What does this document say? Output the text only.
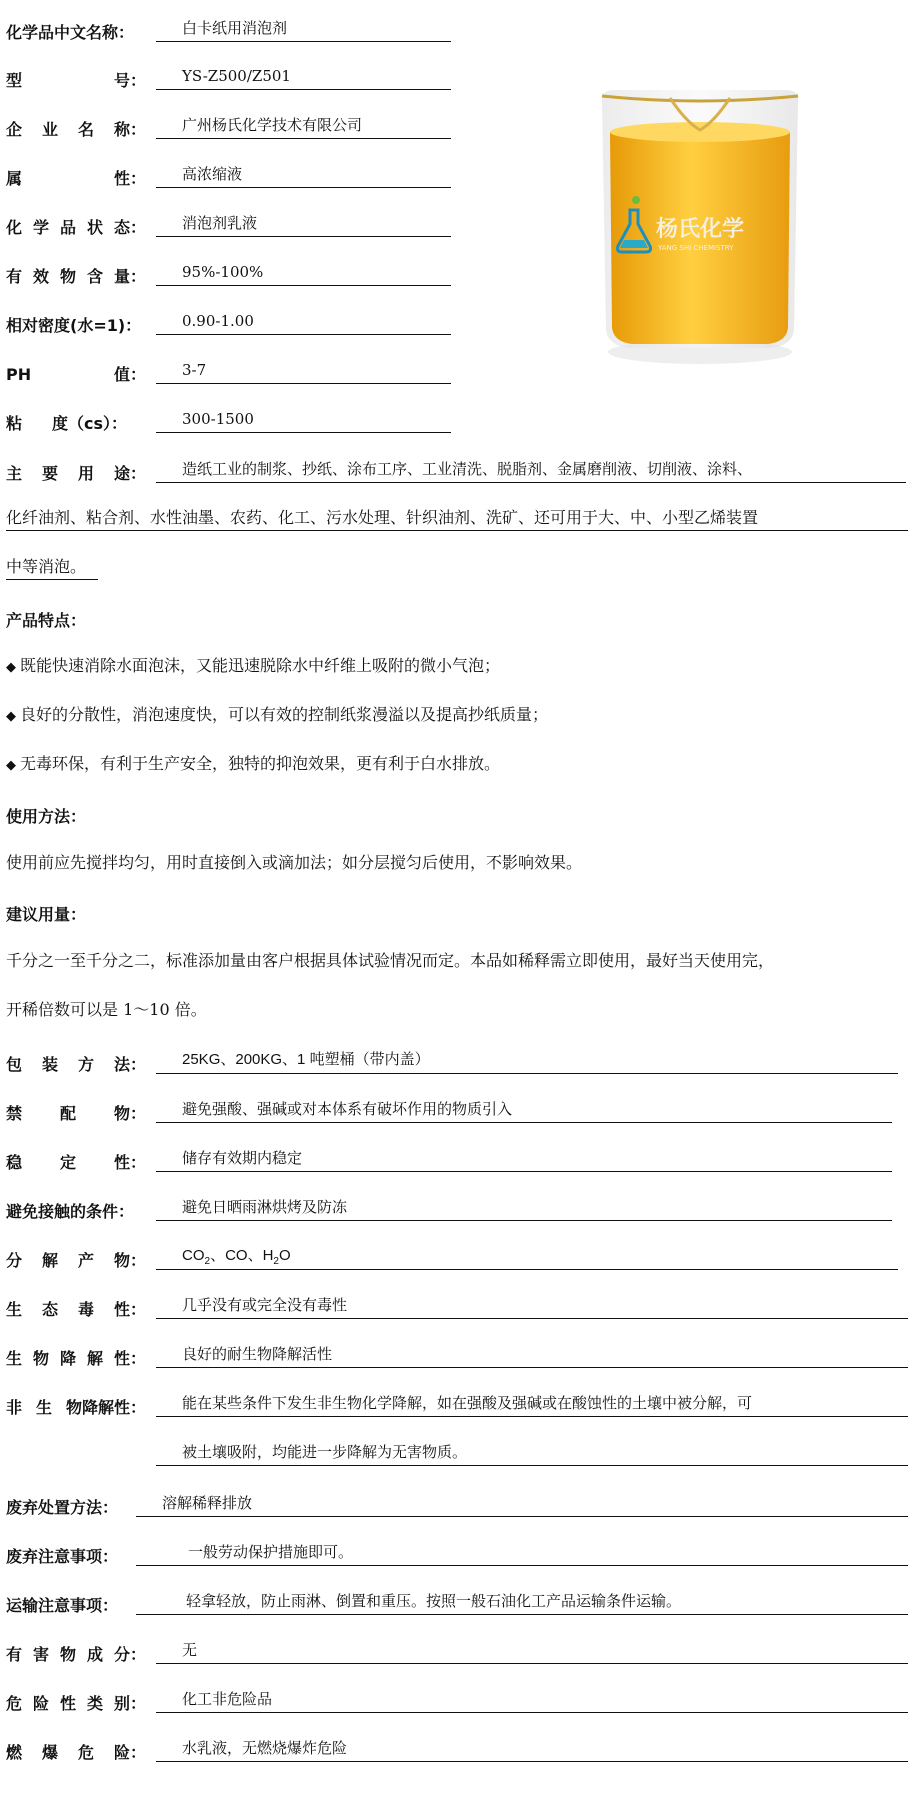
化学品中文名称：	白卡纸用消泡剂
型	号：	YS-Z500/Z501
企 业 名 称：	广州杨氏化学技术有限公司
属	性：	高浓缩液
化 学 品 状 态：	消泡剂乳液
有 效 物 含 量：	95%-100%
相对密度(水=1)：	0.90-1.00
PH	值：	3-7
粘 度（cs）：	300-1500
主 要 用 途：	造纸工业的制浆、抄纸、涂布工序、工业清洗、脱脂剂、金属磨削液、切削液、涂料、
化纤油剂、粘合剂、水性油墨、农药、化工、污水处理、针织油剂、洗矿、还可用于大、中、小型乙烯装置
中等消泡。
杨氏化学
YANG SHI CHEMISTRY
产品特点：
◆ 既能快速消除水面泡沫，又能迅速脱除水中纤维上吸附的微小气泡；
◆ 良好的分散性，消泡速度快，可以有效的控制纸浆漫溢以及提高抄纸质量；
◆ 无毒环保，有利于生产安全，独特的抑泡效果，更有利于白水排放。
使用方法：
使用前应先搅拌均匀，用时直接倒入或滴加法；如分层搅匀后使用，不影响效果。
建议用量：
千分之一至千分之二，标准添加量由客户根据具体试验情况而定。本品如稀释需立即使用，最好当天使用完，
开稀倍数可以是 1～10 倍。
包 装 方 法：	25KG、200KG、1 吨塑桶（带内盖）
禁 配 物：	避免强酸、强碱或对本体系有破坏作用的物质引入
稳 定 性：	储存有效期内稳定
避免接触的条件：	避免日晒雨淋烘烤及防冻
分 解 产 物：	$CO_2$、CO、$H_2O$
生 态 毒 性：	几乎没有或完全没有毒性
生 物 降 解 性：	良好的耐生物降解活性
非 生 物降解性：	能在某些条件下发生非生物化学降解，如在强酸及强碱或在酸蚀性的土壤中被分解，可
被土壤吸附，均能进一步降解为无害物质。
废弃处置方法：	溶解稀释排放
废弃注意事项：	一般劳动保护措施即可。
运输注意事项：	轻拿轻放，防止雨淋、倒置和重压。按照一般石油化工产品运输条件运输。
有 害 物 成 分：	无
危 险 性 类 别：	化工非危险品
燃 爆 危 险：	水乳液，无燃烧爆炸危险
